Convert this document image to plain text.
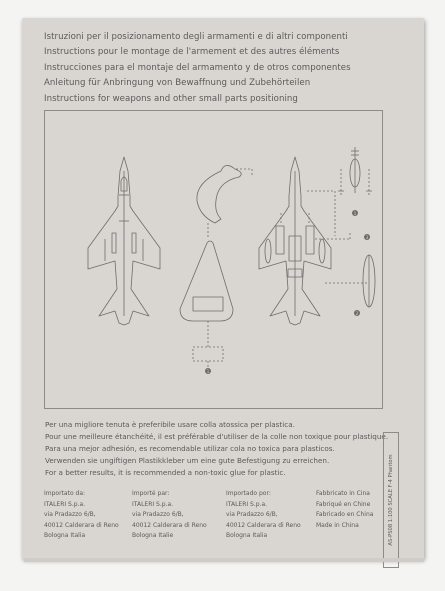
Istruzioni per il posizionamento degli armamenti e di altri componenti
Instructions pour le montage de l'armement et des autres éléments
Instrucciones para el montaje del armamento y de otros componentes
Anleitung für Anbringung von Bewaffnung und Zubehörteilen
Instructions for weapons and other small parts positioning
1
1
2
3
Per una migliore tenuta è preferibile usare colla atossica per plastica.
Pour une meilleure étanchéité, il est préférable d'utiliser de la colle non toxique pour plastique.
Para una mejor adhesión, es recomendable utilizar cola no toxica para plasticos.
Verwenden sie ungiftigen Plastikkleber um eine gute Befestigung zu erreichen.
For a better results, it is recommended a non-toxic glue for plastic.
Importato da:
ITALERI S.p.a.
via Pradazzo 6/B,
40012 Calderara di Reno
Bologna Italia
Importé par:
ITALERI S.p.a.
via Pradazzo 6/B,
40012 Calderara di Reno
Bologna Italie
Importado por:
ITALERI S.p.a.
via Pradazzo 6/B,
40012 Calderara di Reno
Bologna Italia
Fabbricato in Cina
Fabriqué en Chine
Fabricado en China
Made in China	AS-PS08 1:100 SCALE F-4 Phantom
